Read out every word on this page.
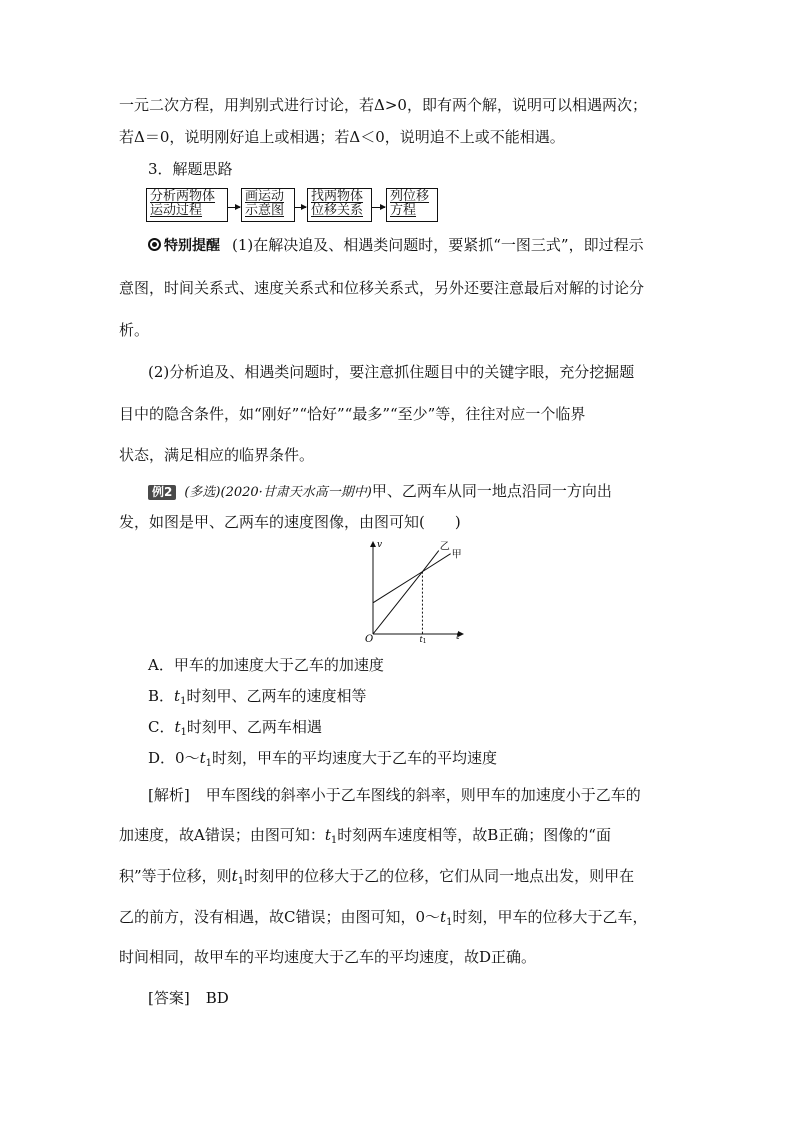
一元二次方程，用判别式进行讨论，若Δ>0，即有两个解，说明可以相遇两次；
若Δ＝0，说明刚好追上或相遇；若Δ＜0，说明追不上或不能相遇。
3．解题思路
分析两物体
运动过程
画运动
示意图
找两物体
位移关系
列位移
方程
特别提醒 (1)在解决追及、相遇类问题时，要紧抓“一图三式”，即过程示
意图，时间关系式、速度关系式和位移关系式，另外还要注意最后对解的讨论分
析。
(2)分析追及、相遇类问题时，要注意抓住题目中的关键字眼，充分挖掘题
目中的隐含条件，如“刚好”“恰好”“最多”“至少”等，往往对应一个临界
状态，满足相应的临界条件。
例2 (多选)(2020·甘肃天水高一期中)甲、乙两车从同一地点沿同一方向出
发，如图是甲、乙两车的速度图像，由图可知(　　)
v
t
O	t1
乙
甲
A．甲车的加速度大于乙车的加速度
B．$t_1$时刻甲、乙两车的速度相等
C．$t_1$时刻甲、乙两车相遇
D．$0\sim t_1$时刻，甲车的平均速度大于乙车的平均速度
[解析] 甲车图线的斜率小于乙车图线的斜率，则甲车的加速度小于乙车的
加速度，故A错误；由图可知：$t_1$时刻两车速度相等，故B正确；图像的“面
积”等于位移，则$t_1$时刻甲的位移大于乙的位移，它们从同一地点出发，则甲在
乙的前方，没有相遇，故C错误；由图可知，$0\sim t_1$时刻，甲车的位移大于乙车，
时间相同，故甲车的平均速度大于乙车的平均速度，故D正确。
[答案] BD
